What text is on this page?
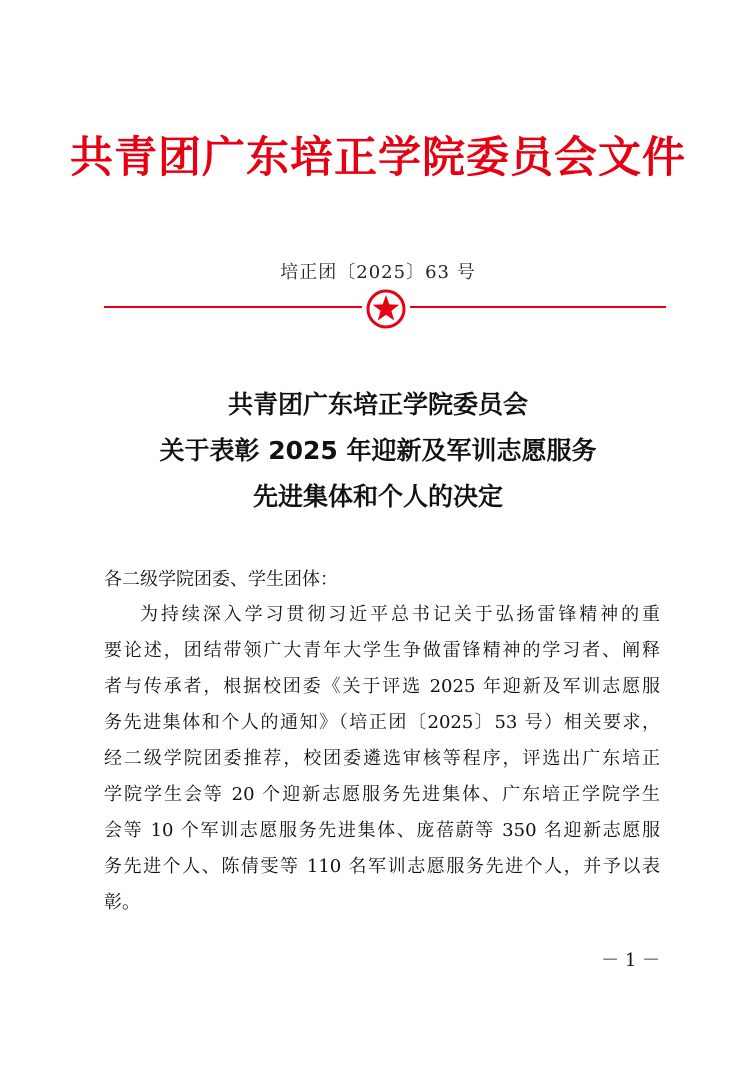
共青团广东培正学院委员会文件
培正团〔2025〕63 号
共青团广东培正学院委员会
关于表彰 2025 年迎新及军训志愿服务
先进集体和个人的决定
各二级学院团委、学生团体：
为持续深入学习贯彻习近平总书记关于弘扬雷锋精神的重
要论述，团结带领广大青年大学生争做雷锋精神的学习者、阐释
者与传承者，根据校团委《关于评选 2025 年迎新及军训志愿服
务先进集体和个人的通知》（培正团〔2025〕53 号）相关要求，
经二级学院团委推荐，校团委遴选审核等程序，评选出广东培正
学院学生会等 20 个迎新志愿服务先进集体、广东培正学院学生
会等 10 个军训志愿服务先进集体、庞蓓蔚等 350 名迎新志愿服
务先进个人、陈倩雯等 110 名军训志愿服务先进个人，并予以表
彰。
－ 1 －
